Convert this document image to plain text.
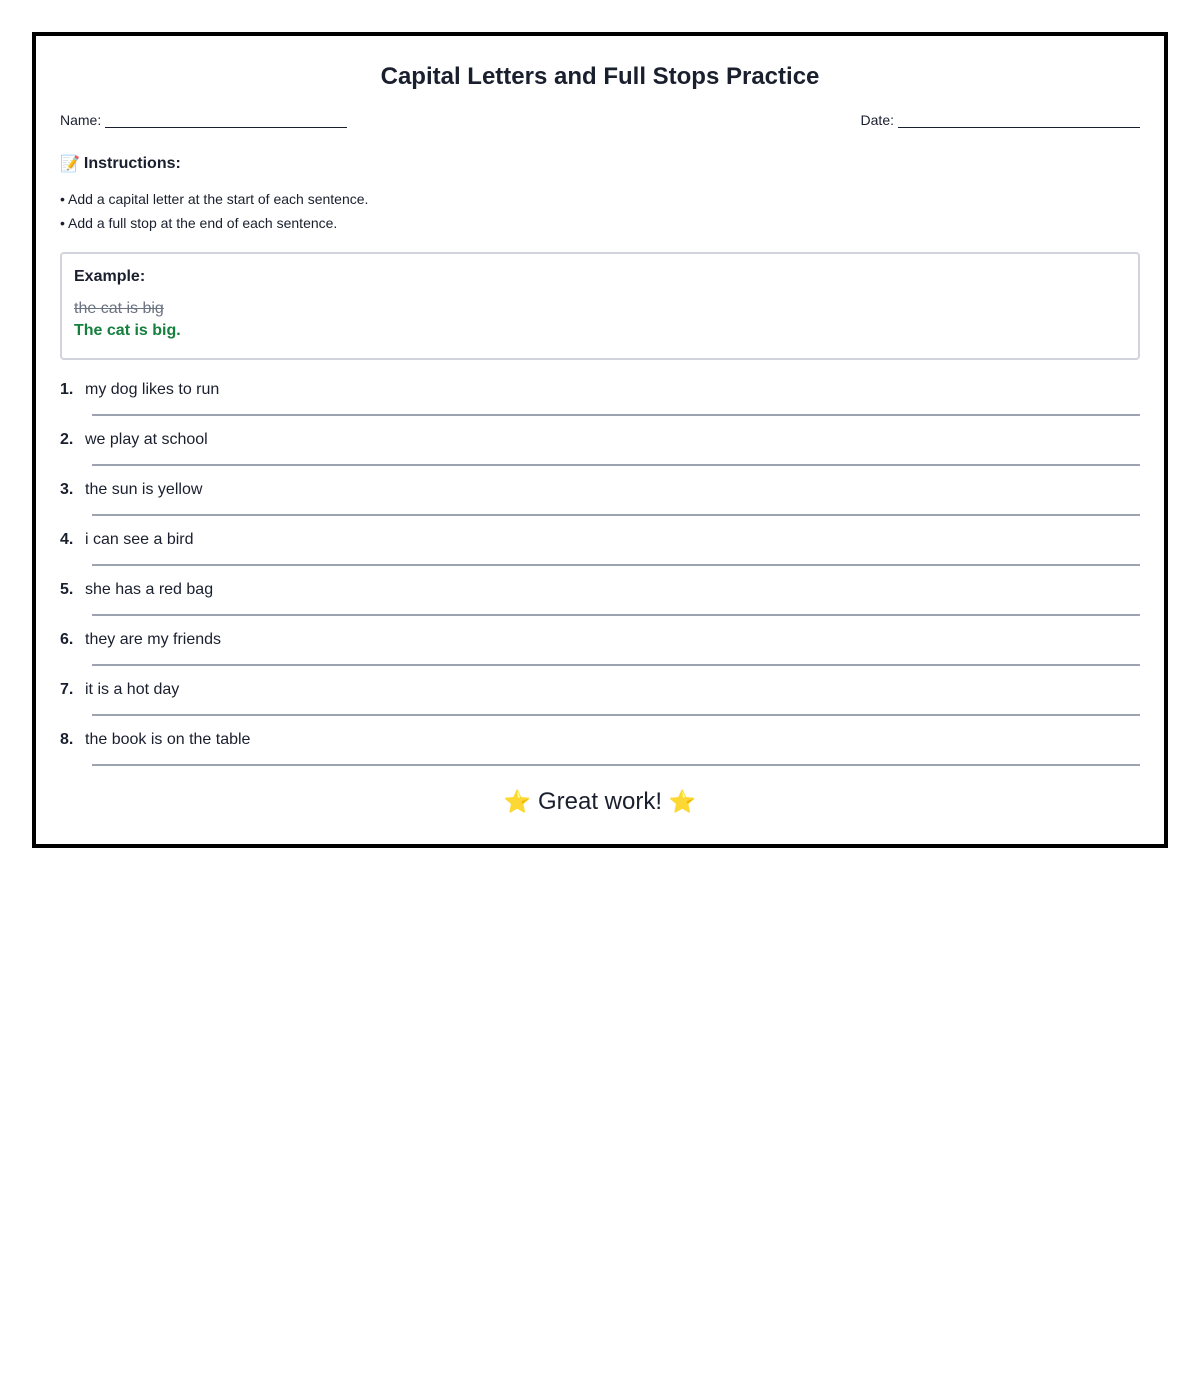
Capital Letters and Full Stops Practice
Name:	Date:
📝 Instructions:
• Add a capital letter at the start of each sentence.
• Add a full stop at the end of each sentence.
Example:
the cat is big
The cat is big.
1. my dog likes to run
2. we play at school
3. the sun is yellow
4. i can see a bird
5. she has a red bag
6. they are my friends
7. it is a hot day
8. the book is on the table
⭐ Great work! ⭐
